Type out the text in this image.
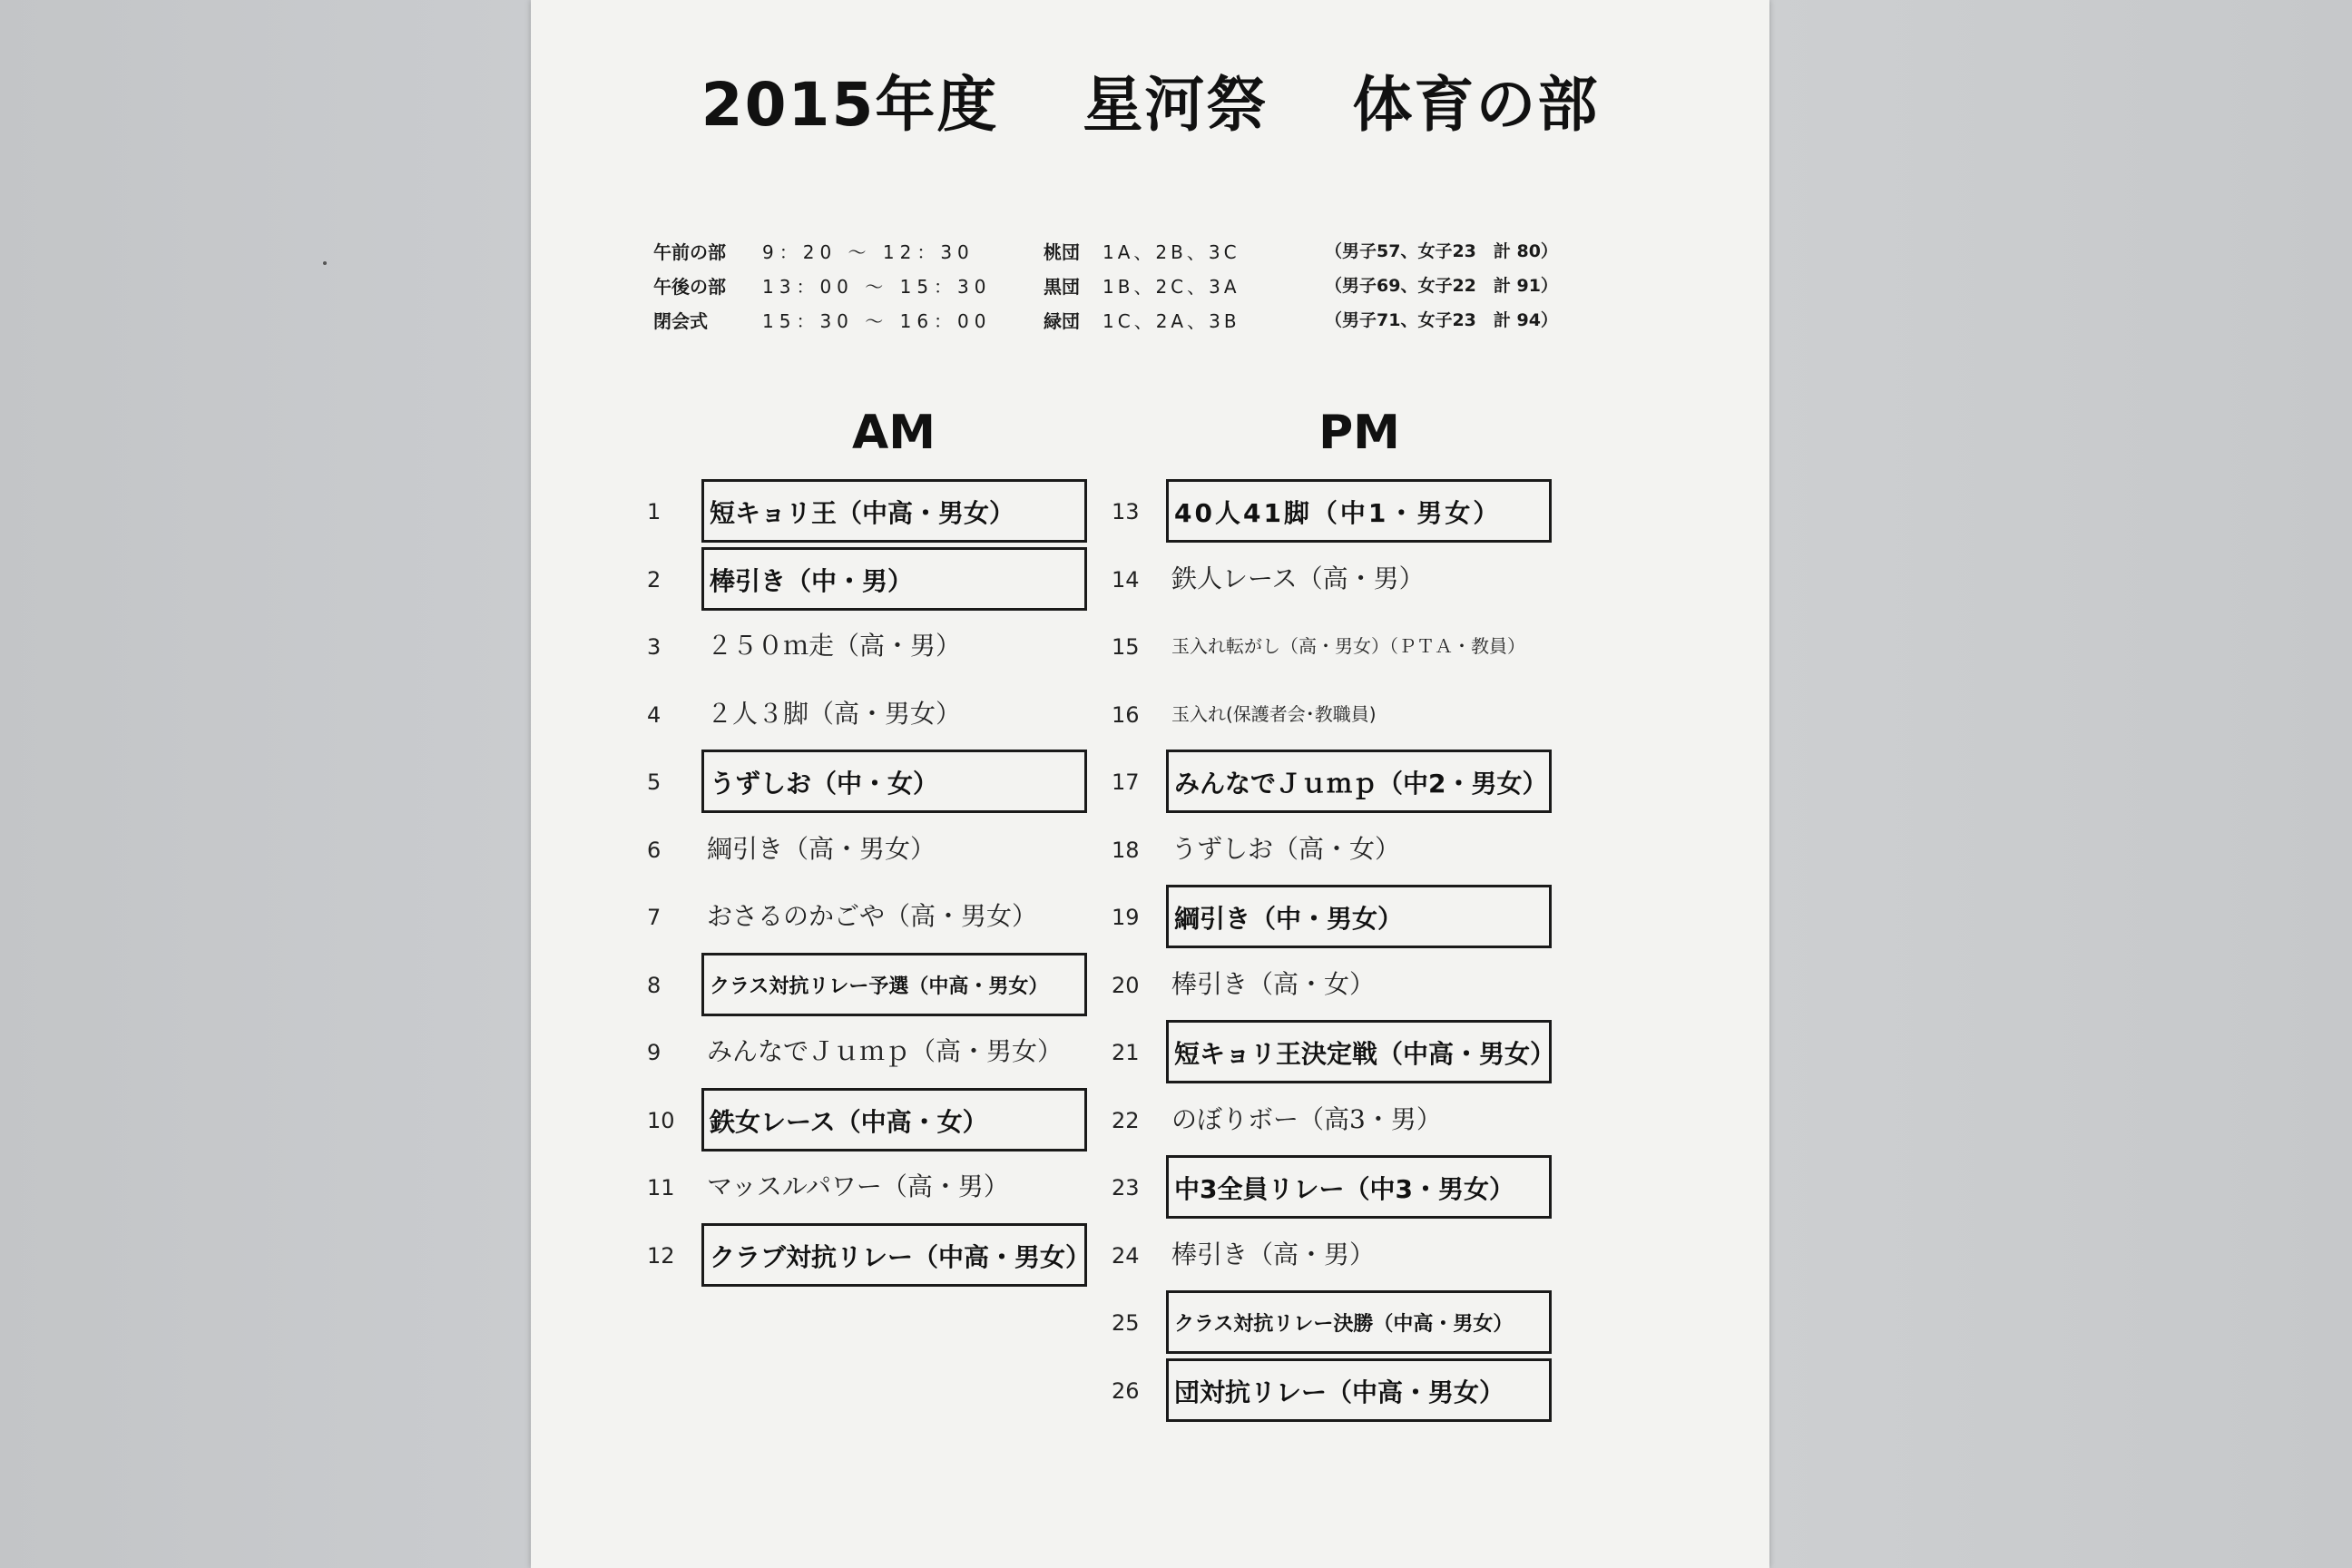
2015年度　 星河祭　 体育の部
午前の部 9：20 ～ 12：30	桃団 1A、2B、3C	（男子57、女子23　計 80）
午後の部 13：00 ～ 15：30	黒団 1B、2C、3A	（男子69、女子22　計 91）
閉会式	15：30 ～ 16：00	緑団 1C、2A、3B	（男子71、女子23　計 94）
AM	PM
1	短キョリ王（中高・男女）
2	棒引き（中・男）
3	２５０ｍ走（高・男）
4	２人３脚（高・男女）
5	うずしお（中・女）
6	綱引き（高・男女）
7	おさるのかごや（高・男女）
8	クラス対抗リレー予選（中高・男女）
9	みんなでＪｕｍｐ（高・男女）
10	鉄女レース（中高・女）
11	マッスルパワー（高・男）
12	クラブ対抗リレー（中高・男女）
13	40人41脚（中1・男女）
14	鉄人レース（高・男）
15	玉入れ転がし（高・男女）（ＰＴＡ・教員）
16	玉入れ(保護者会･教職員)
17	みんなでＪｕｍｐ（中2・男女）
18	うずしお（高・女）
19	綱引き（中・男女）
20	棒引き（高・女）
21	短キョリ王決定戦（中高・男女）
22	のぼりボー（高3・男）
23	中3全員リレー（中3・男女）
24	棒引き（高・男）
25	クラス対抗リレー決勝（中高・男女）
26	団対抗リレー（中高・男女）
